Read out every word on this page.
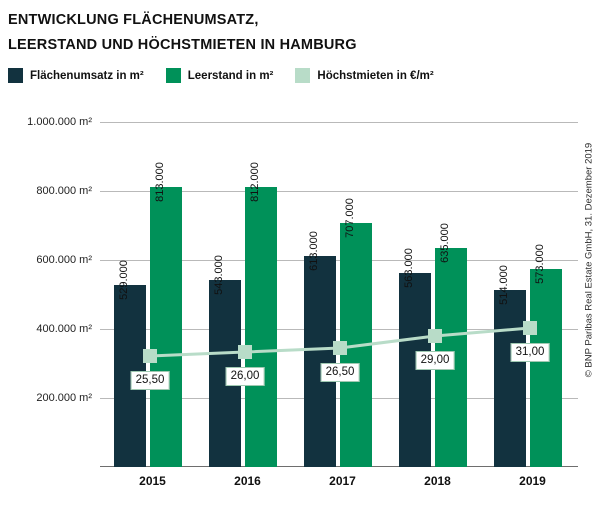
ENTWICKLUNG FLÄCHENUMSATZ,
LEERSTAND UND HÖCHSTMIETEN IN HAMBURG
Flächenumsatz in m²	Leerstand in m²	Höchstmieten in €/m²
1.000.000 m²
800.000 m²
600.000 m²
400.000 m²
200.000 m²
529.000
813.000
2015
543.000
812.000
2016
613.000
707.000
2017
563.000
635.000
2018
514.000
573.000
2019
25,50	26,00	26,50
29,00
31,00	© BNP Paribas Real Estate GmbH, 31. Dezember 2019
